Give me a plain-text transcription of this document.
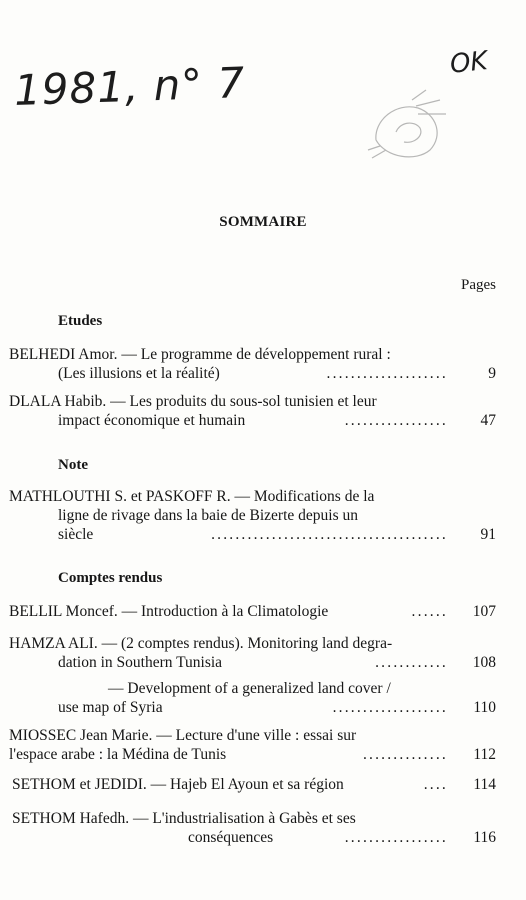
1981, n° 7	OK
SOMMAIRE
Pages
Etudes
BELHEDI Amor. — Le programme de développement rural :
(Les illusions et la réalité)	....................	9
DLALA Habib. — Les produits du sous-sol tunisien et leur
impact économique et humain	................. 47
Note
MATHLOUTHI S. et PASKOFF R. — Modifications de la
ligne de rivage dans la baie de Bizerte depuis un
siècle	....................................... 91
Comptes rendus
BELLIL Moncef. — Introduction à la Climatologie	...... 107
HAMZA ALI. — (2 comptes rendus). Monitoring land degra-
dation in Southern Tunisia	............ 108
— Development of a generalized land cover /
use map of Syria	................... 110
MIOSSEC Jean Marie. — Lecture d'une ville : essai sur
l'espace arabe : la Médina de Tunis	.............. 112
SETHOM et JEDIDI. — Hajeb El Ayoun et sa région	.... 114
SETHOM Hafedh. — L'industrialisation à Gabès et ses
conséquences	................. 116
